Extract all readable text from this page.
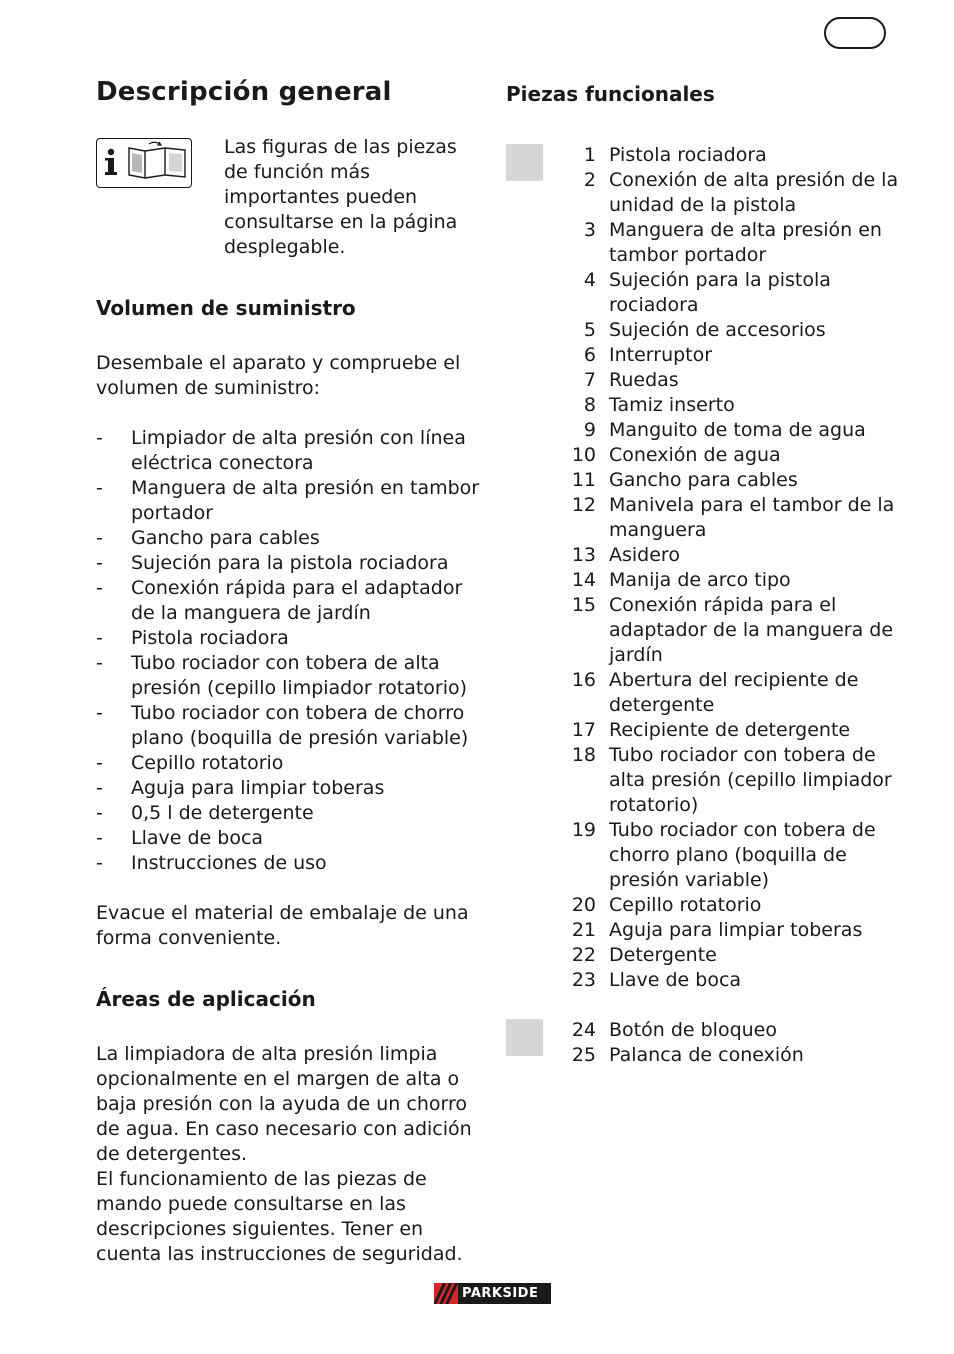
Descripción general

Las figuras de las piezas de función más importantes pueden consultarse en la página desplegable.

Volumen de suministro

Desembale el aparato y compruebe el volumen de suministro:

-	Limpiador de alta presión con línea eléctrica conectora
-	Manguera de alta presión en tambor portador
-	Gancho para cables
-	Sujeción para la pistola rociadora
-	Conexión rápida para el adaptador de la manguera de jardín
-	Pistola rociadora
-	Tubo rociador con tobera de alta presión (cepillo limpiador rotatorio)
-	Tubo rociador con tobera de chorro plano (boquilla de presión variable)
-	Cepillo rotatorio
-	Aguja para limpiar toberas
-	0,5 l de detergente
-	Llave de boca
-	Instrucciones de uso

Evacue el material de embalaje de una forma conveniente.

Áreas de aplicación

La limpiadora de alta presión limpia opcionalmente en el margen de alta o baja presión con la ayuda de un chorro de agua. En caso necesario con adición de detergentes.

El funcionamiento de las piezas de mando puede consultarse en las descripciones siguientes. Tener en cuenta las instrucciones de seguridad.

Piezas funcionales
1 Pistola rociadora
2 Conexión de alta presión de la unidad de la pistola
3 Manguera de alta presión en tambor portador
4 Sujeción para la pistola rociadora
5 Sujeción de accesorios
6 Interruptor
7 Ruedas
8 Tamiz inserto
9 Manguito de toma de agua
10 Conexión de agua
11 Gancho para cables
12 Manivela para el tambor de la manguera
13 Asidero
14 Manija de arco tipo
15 Conexión rápida para el adaptador de la manguera de jardín
16 Abertura del recipiente de detergente
17 Recipiente de detergente
18 Tubo rociador con tobera de alta presión (cepillo limpiador rotatorio)
19 Tubo rociador con tobera de chorro plano (boquilla de presión variable)
20 Cepillo rotatorio
21 Aguja para limpiar toberas
22 Detergente
23 Llave de boca
24 Botón de bloqueo
25 Palanca de conexión
PARKSIDE
